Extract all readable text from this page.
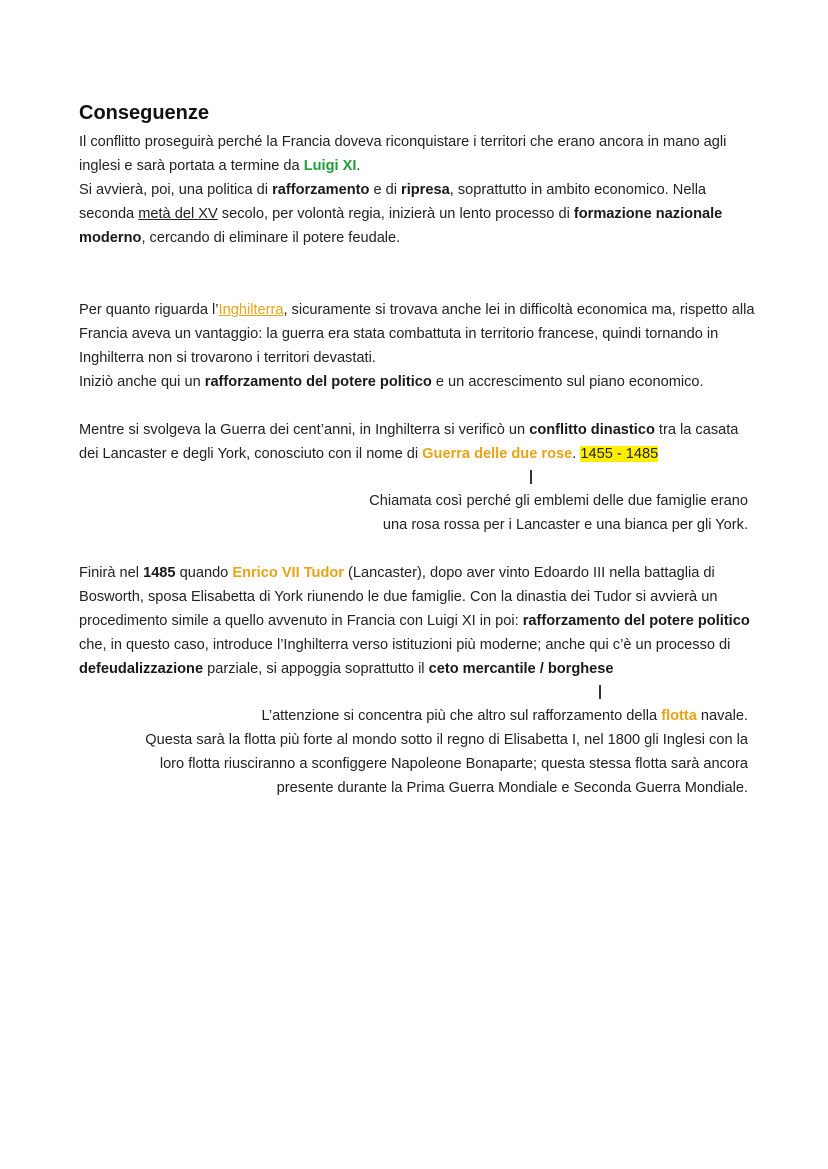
Conseguenze

Il conflitto proseguirà perché la Francia doveva riconquistare i territori che erano ancora in mano agli inglesi e sarà portata a termine da Luigi XI.

Si avvierà, poi, una politica di rafforzamento e di ripresa, soprattutto in ambito economico. Nella seconda metà del XV secolo, per volontà regia, inizierà un lento processo di formazione nazionale moderno, cercando di eliminare il potere feudale.

Per quanto riguarda l’Inghilterra, sicuramente si trovava anche lei in difficoltà economica ma, rispetto alla Francia aveva un vantaggio: la guerra era stata combattuta in territorio francese, quindi tornando in Inghilterra non si trovarono i territori devastati.

Iniziò anche qui un rafforzamento del potere politico e un accrescimento sul piano economico.

Mentre si svolgeva la Guerra dei cent’anni, in Inghilterra si verificò un conflitto dinastico tra la casata dei Lancaster e degli York, conosciuto con il nome di Guerra delle due rose. 1455 - 1485

Chiamata così perché gli emblemi delle due famiglie erano

una rosa rossa per i Lancaster e una bianca per gli York.

Finirà nel 1485 quando Enrico VII Tudor (Lancaster), dopo aver vinto Edoardo III nella battaglia di Bosworth, sposa Elisabetta di York riunendo le due famiglie. Con la dinastia dei Tudor si avvierà un procedimento simile a quello avvenuto in Francia con Luigi XI in poi: rafforzamento del potere politico che, in questo caso, introduce l’Inghilterra verso istituzioni più moderne; anche qui c’è un processo di defeudalizzazione parziale, si appoggia soprattutto il ceto mercantile / borghese

L’attenzione si concentra più che altro sul rafforzamento della flotta navale.

Questa sarà la flotta più forte al mondo sotto il regno di Elisabetta I, nel 1800 gli Inglesi con la

loro flotta riusciranno a sconfiggere Napoleone Bonaparte; questa stessa flotta sarà ancora

presente durante la Prima Guerra Mondiale e Seconda Guerra Mondiale.
